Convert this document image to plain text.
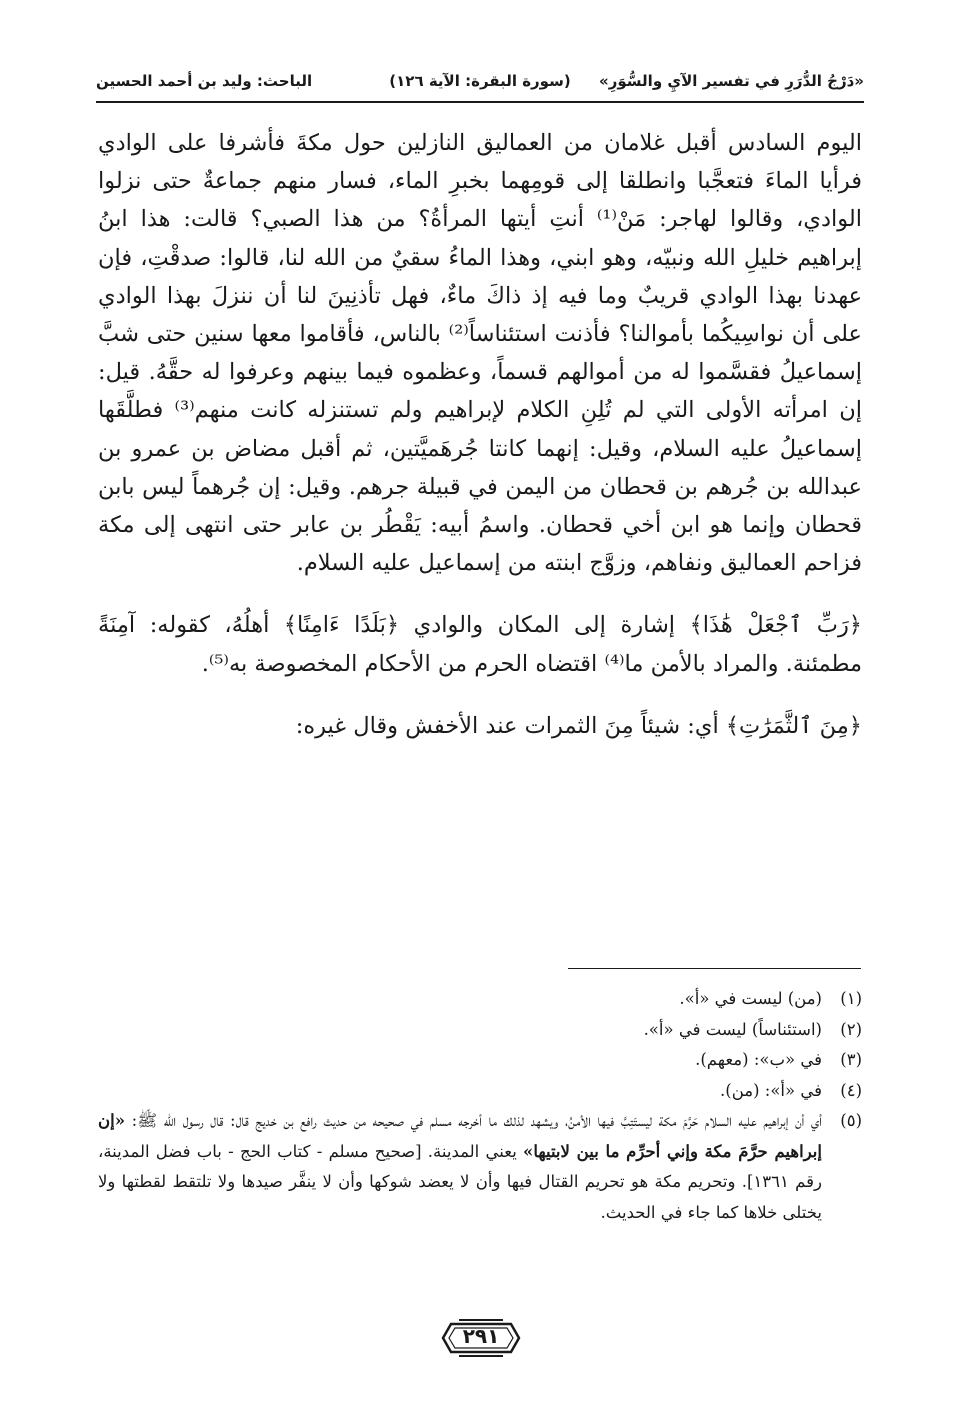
«دَرْجُ الدُّرَرِ في تفسير الآيِ والسُّوَرِ»
(سورة البقرة: الآية ١٢٦)
الباحث: وليد بن أحمد الحسين

اليوم السادس أقبل غلامان من العماليق النازلين حول مكةَ فأشرفا على الوادي فرأيا الماءَ فتعجَّبا وانطلقا إلى قومِهما بخبرِ الماء، فسار منهم جماعةٌ حتى نزلوا الوادي، وقالوا لهاجر: مَنْ⁽¹⁾ أنتِ أيتها المرأةُ؟ من هذا الصبي؟ قالت: هذا ابنُ إبراهيم خليلِ الله ونبيّه، وهو ابني، وهذا الماءُ سقيٌ من الله لنا، قالوا: صدقْتِ، فإن عهدنا بهذا الوادي قريبٌ وما فيه إذ ذاكَ ماءٌ، فهل تأذنِينَ لنا أن ننزلَ بهذا الوادي على أن نواسِيكُما بأموالنا؟ فأذنت استئناساً⁽²⁾ بالناس، فأقاموا معها سنين حتى شبَّ إسماعيلُ فقسَّموا له من أموالهم قسماً، وعظموه فيما بينهم وعرفوا له حقَّهُ. قيل: إن امرأته الأولى التي لم تُلِنِ الكلام لإبراهيم ولم تستنزله كانت منهم⁽³⁾ فطلَّقَها إسماعيلُ عليه السلام، وقيل: إنهما كانتا جُرهَميَّتين، ثم أقبل مضاض بن عمرو بن عبدالله بن جُرهم بن قحطان من اليمن في قبيلة جرهم. وقيل: إن جُرهماً ليس بابن قحطان وإنما هو ابن أخي قحطان. واسمُ أبيه: يَقْطُر بن عابر حتى انتهى إلى مكة فزاحم العماليق ونفاهم، وزوَّج ابنته من إسماعيل عليه السلام.

﴿رَبِّ ٱجْعَلْ هَٰذَا﴾ إشارة إلى المكان والوادي ﴿بَلَدًا ءَامِنًا﴾ أهلُهُ، كقوله: آمِنَةً مطمئنة. والمراد بالأمن ما⁽⁴⁾ اقتضاه الحرم من الأحكام المخصوصة به⁽⁵⁾.

﴿مِنَ ٱلثَّمَرَٰتِ﴾ أي: شيئاً مِنَ الثمرات عند الأخفش وقال غيره:

(١)
(من) ليست في «أ».
(٢)
(استئناساً) ليست في «أ».
(٣)
في «ب»: (معهم).
(٤)
في «أ»: (من).
(٥)
أي أن إبراهيم عليه السلام حَرَّمَ مكة ليستَتِبَّ فيها الأمنُ، ويشهد لذلك ما أخرجه مسلم في صحيحه من حديث رافع بن خديج قال: قال رسول الله ﷺ: «إن إبراهيم حرَّمَ مكة وإني أحرِّم ما بين لابتيها» يعني المدينة. [صحيح مسلم - كتاب الحج - باب فضل المدينة، رقم ١٣٦١]. وتحريم مكة هو تحريم القتال فيها وأن لا يعضد شوكها وأن لا ينفَّر صيدها ولا تلتقط لقطتها ولا يختلى خلاها كما جاء في الحديث.
٢٩١
